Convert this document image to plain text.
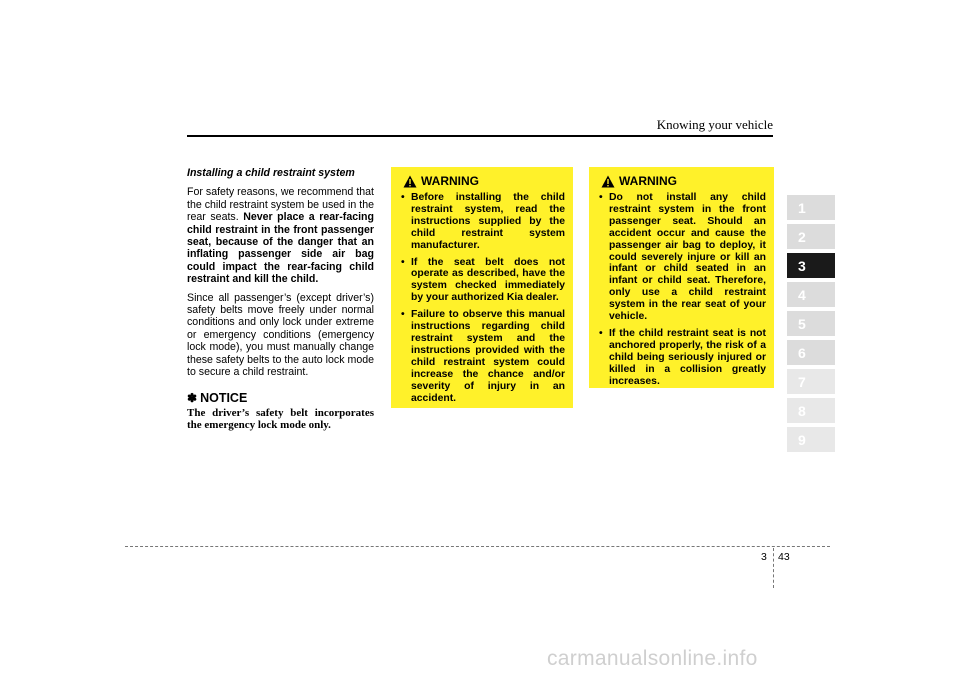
Knowing your vehicle
Installing a child restraint system

For safety reasons, we recommend that the child restraint system be used in the rear seats. Never place a rear-facing child restraint in the front passenger seat, because of the danger that an inflating passenger side air bag could impact the rear-facing child restraint and kill the child.

Since all passenger’s (except driver’s) safety belts move freely under normal conditions and only lock under extreme or emergency conditions (emergency lock mode), you must manually change these safety belts to the auto lock mode to secure a child restraint.

✽ NOTICE

The driver’s safety belt incorporates the emergency lock mode only.

WARNING
• Before installing the child restraint system, read the instructions supplied by the child restraint system manufacturer.
• If the seat belt does not operate as described, have the system checked immediately by your authorized Kia dealer.
• Failure to observe this manual instructions regarding child restraint system and the instructions provided with the child restraint system could increase the chance and/or severity of injury in an accident.
WARNING
• Do not install any child restraint system in the front passenger seat. Should an accident occur and cause the passenger air bag to deploy, it could severely injure or kill an infant or child seated in an infant or child seat. Therefore, only use a child restraint system in the rear seat of your vehicle.
• If the child restraint seat is not anchored properly, the risk of a child being seriously injured or killed in a collision greatly increases.
1
2
3
4
5
6
7
8
9
3 43
carmanualsonline.info
